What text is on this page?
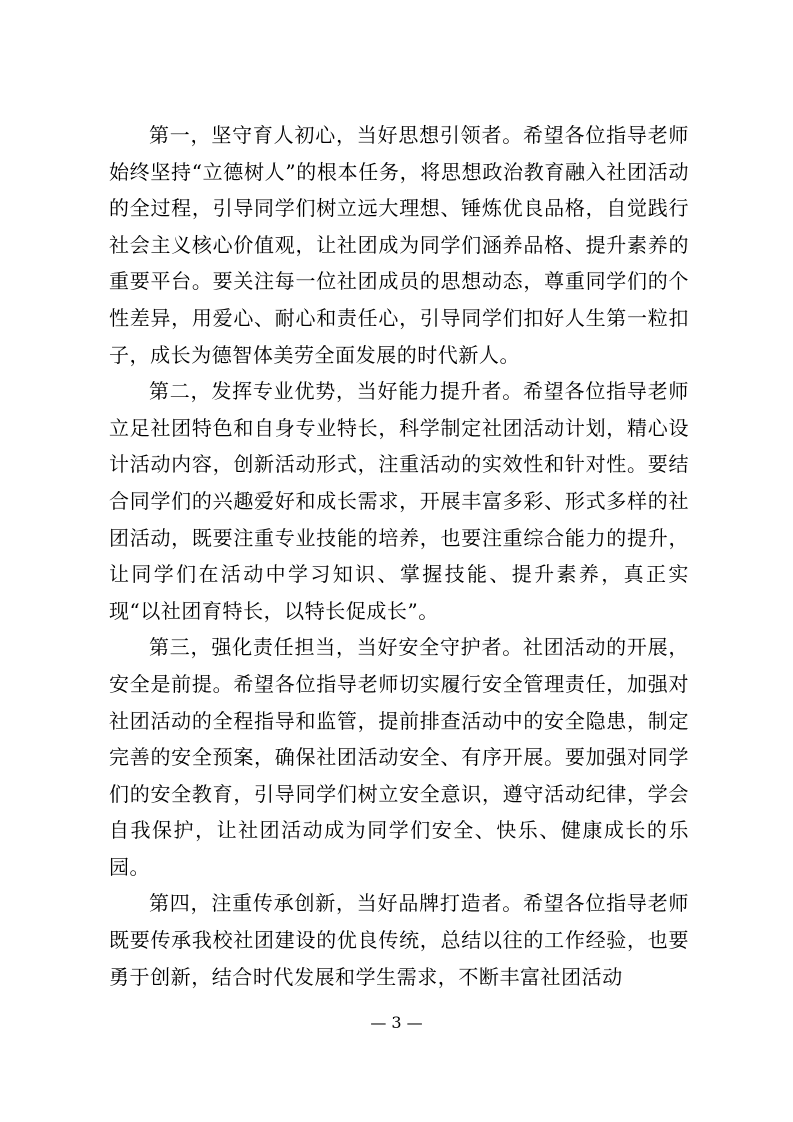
第一，坚守育人初心，当好思想引领者。希望各位指导老师始终坚持“立德树人”的根本任务，将思想政治教育融入社团活动的全过程，引导同学们树立远大理想、锤炼优良品格，自觉践行社会主义核心价值观，让社团成为同学们涵养品格、提升素养的重要平台。要关注每一位社团成员的思想动态，尊重同学们的个性差异，用爱心、耐心和责任心，引导同学们扣好人生第一粒扣子，成长为德智体美劳全面发展的时代新人。

第二，发挥专业优势，当好能力提升者。希望各位指导老师立足社团特色和自身专业特长，科学制定社团活动计划，精心设计活动内容，创新活动形式，注重活动的实效性和针对性。要结合同学们的兴趣爱好和成长需求，开展丰富多彩、形式多样的社团活动，既要注重专业技能的培养，也要注重综合能力的提升，让同学们在活动中学习知识、掌握技能、提升素养，真正实现“以社团育特长，以特长促成长”。

第三，强化责任担当，当好安全守护者。社团活动的开展，安全是前提。希望各位指导老师切实履行安全管理责任，加强对社团活动的全程指导和监管，提前排查活动中的安全隐患，制定完善的安全预案，确保社团活动安全、有序开展。要加强对同学们的安全教育，引导同学们树立安全意识，遵守活动纪律，学会自我保护，让社团活动成为同学们安全、快乐、健康成长的乐园。

第四，注重传承创新，当好品牌打造者。希望各位指导老师既要传承我校社团建设的优良传统，总结以往的工作经验，也要勇于创新，结合时代发展和学生需求，不断丰富社团活动

— 3 —
